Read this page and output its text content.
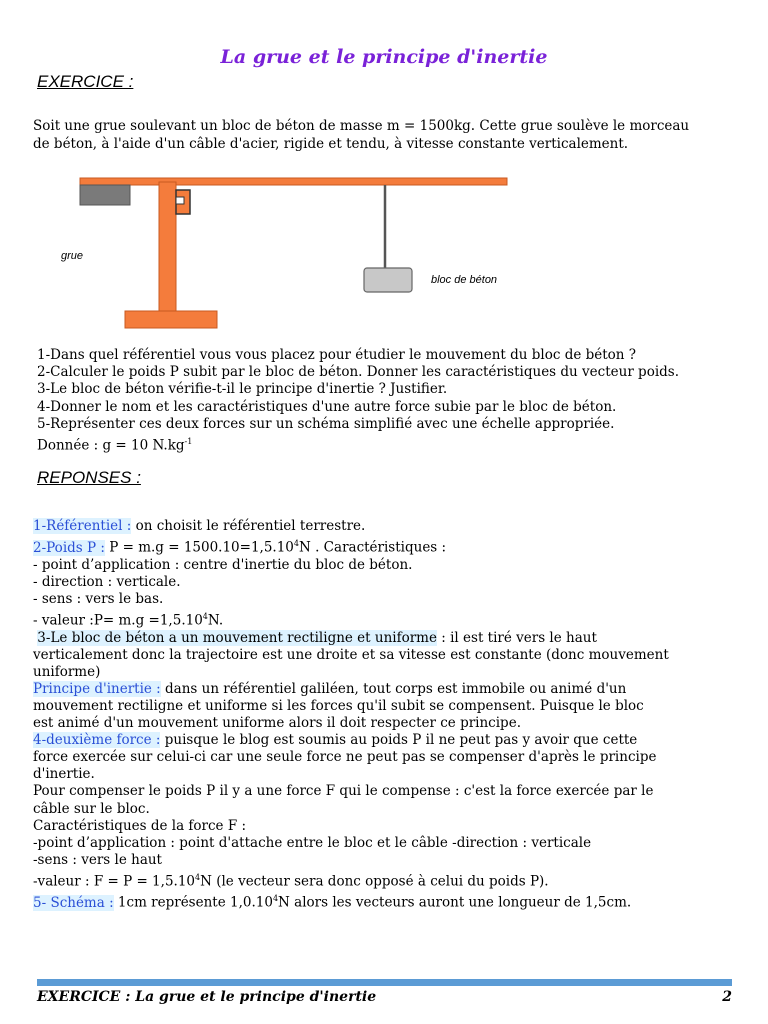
La grue et le principe d'inertie
EXERCICE :
Soit une grue soulevant un bloc de béton de masse m = 1500kg. Cette grue soulève le morceau
de béton, à l'aide d'un câble d'acier, rigide et tendu, à vitesse constante verticalement.
grue
bloc de béton
1-Dans quel référentiel vous vous placez pour étudier le mouvement du bloc de béton ?
2-Calculer le poids P subit par le bloc de béton. Donner les caractéristiques du vecteur poids.
3-Le bloc de béton vérifie-t-il le principe d'inertie ? Justifier.
4-Donner le nom et les caractéristiques d'une autre force subie par le bloc de béton.
5-Représenter ces deux forces sur un schéma simplifié avec une échelle appropriée.
Donnée : g = 10 $N.kg^{-1}$
REPONSES :
1-Référentiel : on choisit le référentiel terrestre.
2-Poids P : $P = m.g = 1500.10=1,5.10^4N$ . Caractéristiques :
- point d’application : centre d'inertie du bloc de béton.
- direction : verticale.
- sens : vers le bas.
- valeur :P= $m.g =1,5.10^4N$.
3-Le bloc de béton a un mouvement rectiligne et uniforme : il est tiré vers le haut
verticalement donc la trajectoire est une droite et sa vitesse est constante (donc mouvement
uniforme)
Principe d'inertie : dans un référentiel galiléen, tout corps est immobile ou animé d'un
mouvement rectiligne et uniforme si les forces qu'il subit se compensent. Puisque le bloc
est animé d'un mouvement uniforme alors il doit respecter ce principe.
4-deuxième force : puisque le blog est soumis au poids P il ne peut pas y avoir que cette
force exercée sur celui-ci car une seule force ne peut pas se compenser d'après le principe
d'inertie.
Pour compenser le poids P il y a une force F qui le compense : c'est la force exercée par le
câble sur le bloc.
Caractéristiques de la force F :
-point d’application : point d'attache entre le bloc et le câble -direction : verticale
-sens : vers le haut
-valeur : $F = P = 1,5.10^4N$ (le vecteur sera donc opposé à celui du poids P).
5- Schéma : 1cm représente 1,0.10$^4$N alors les vecteurs auront une longueur de 1,5cm.
EXERCICE : La grue et le principe d'inertie	2
